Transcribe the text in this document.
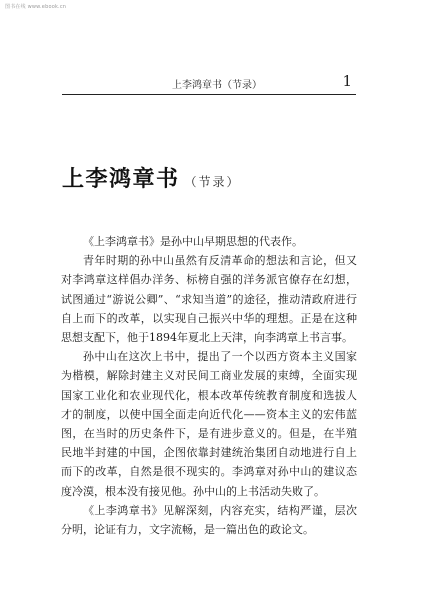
图书在线 www.ebook.cn
上李鸿章书（节录）	1
上李鸿章书 （节录）

《上李鸿章书》是孙中山早期思想的代表作。

青年时期的孙中山虽然有反清革命的想法和言论，但又对李鸿章这样倡办洋务、标榜自强的洋务派官僚存在幻想，试图通过“游说公卿”、“求知当道”的途径，推动清政府进行自上而下的改革，以实现自己振兴中华的理想。正是在这种思想支配下，他于1894年夏北上天津，向李鸿章上书言事。

孙中山在这次上书中，提出了一个以西方资本主义国家为楷模，解除封建主义对民间工商业发展的束缚，全面实现国家工业化和农业现代化，根本改革传统教育制度和选拔人才的制度，以使中国全面走向近代化——资本主义的宏伟蓝图，在当时的历史条件下，是有进步意义的。但是，在半殖民地半封建的中国，企图依靠封建统治集团自动地进行自上而下的改革，自然是很不现实的。李鸿章对孙中山的建议态度冷漠，根本没有接见他。孙中山的上书活动失败了。

《上李鸿章书》见解深刻，内容充实，结构严谨，层次分明，论证有力，文字流畅，是一篇出色的政论文。
